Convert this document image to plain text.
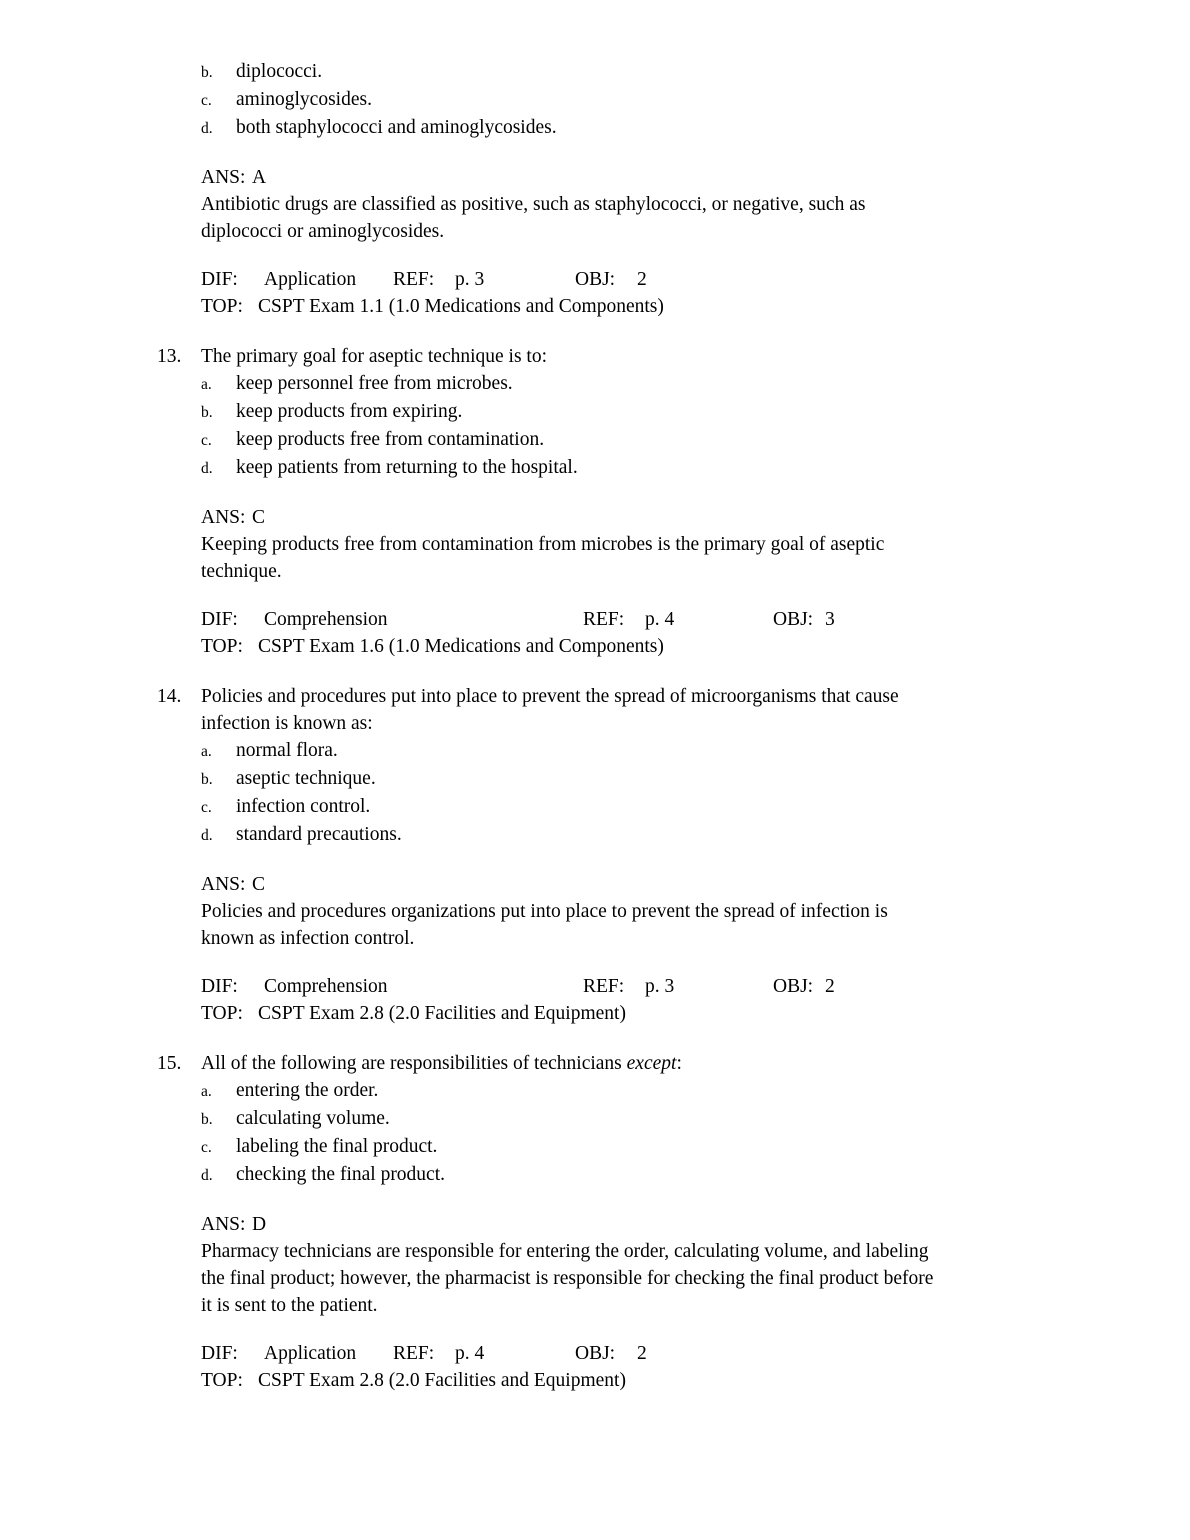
b.	diplococci.
c.	aminoglycosides.
d.	both staphylococci and aminoglycosides.
ANS: A
Antibiotic drugs are classified as positive, such as staphylococci, or negative, such as
diplococci or aminoglycosides.
DIF: Application REF: p. 3	OBJ: 2
TOP: CSPT Exam 1.1 (1.0 Medications and Components)
13. The primary goal for aseptic technique is to:
a.	keep personnel free from microbes.
b.	keep products from expiring.
c.	keep products free from contamination.
d.	keep patients from returning to the hospital.
ANS: C
Keeping products free from contamination from microbes is the primary goal of aseptic
technique.
DIF: Comprehension	REF: p. 4	OBJ: 3
TOP: CSPT Exam 1.6 (1.0 Medications and Components)
14. Policies and procedures put into place to prevent the spread of microorganisms that cause
infection is known as:
a.	normal flora.
b.	aseptic technique.
c.	infection control.
d.	standard precautions.
ANS: C
Policies and procedures organizations put into place to prevent the spread of infection is
known as infection control.
DIF: Comprehension	REF: p. 3	OBJ: 2
TOP: CSPT Exam 2.8 (2.0 Facilities and Equipment)
15. All of the following are responsibilities of technicians except:
a.	entering the order.
b.	calculating volume.
c.	labeling the final product.
d.	checking the final product.
ANS: D
Pharmacy technicians are responsible for entering the order, calculating volume, and labeling
the final product; however, the pharmacist is responsible for checking the final product before
it is sent to the patient.
DIF: Application REF: p. 4	OBJ: 2
TOP: CSPT Exam 2.8 (2.0 Facilities and Equipment)
